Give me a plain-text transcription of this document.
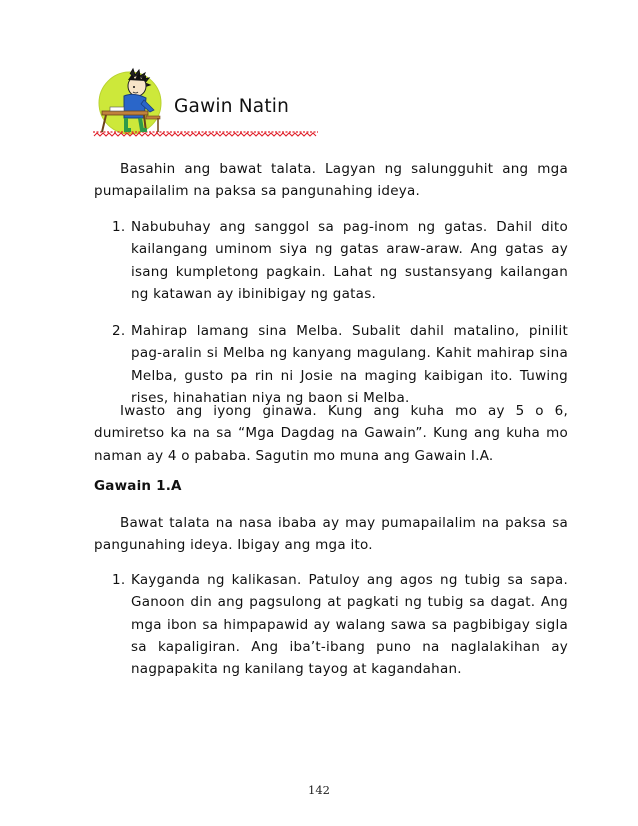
Gawin Natin

Basahin ang bawat talata. Lagyan ng salungguhit ang mga pumapailalim na paksa sa pangunahing ideya.

1. Nabubuhay ang sanggol sa pag-inom ng gatas. Dahil dito kailangang uminom siya ng gatas araw-araw. Ang gatas ay isang kumpletong pagkain. Lahat ng sustansyang kailangan ng katawan ay ibinibigay ng gatas.
2. Mahirap lamang sina Melba. Subalit dahil matalino, pinilit pag-aralin si Melba ng kanyang magulang. Kahit mahirap sina Melba, gusto pa rin ni Josie na maging kaibigan ito. Tuwing rises, hinahatian niya ng baon si Melba.

Iwasto ang iyong ginawa. Kung ang kuha mo ay 5 o 6, dumiretso ka na sa “Mga Dagdag na Gawain”. Kung ang kuha mo naman ay 4 o pababa. Sagutin mo muna ang Gawain I.A.

Gawain 1.A

Bawat talata na nasa ibaba ay may pumapailalim na paksa sa pangunahing ideya. Ibigay ang mga ito.

1. Kayganda ng kalikasan. Patuloy ang agos ng tubig sa sapa. Ganoon din ang pagsulong at pagkati ng tubig sa dagat. Ang mga ibon sa himpapawid ay walang sawa sa pagbibigay sigla sa kapaligiran. Ang iba’t-ibang puno na naglalakihan ay nagpapakita ng kanilang tayog at kagandahan.
142
